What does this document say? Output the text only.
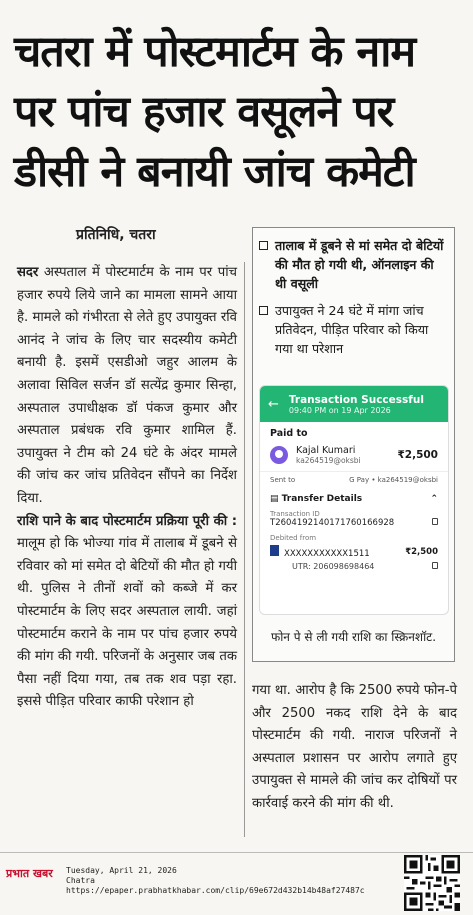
चतरा में पोस्टमार्टम के नाम
पर पांच हजार वसूलने पर
डीसी ने बनायी जांच कमेटी
प्रतिनिधि, चतरा

सदर अस्पताल में पोस्टमार्टम के नाम पर पांच हजार रुपये लिये जाने का मामला सामने आया है. मामले को गंभीरता से लेते हुए उपायुक्त रवि आनंद ने जांच के लिए चार सदस्यीय कमेटी बनायी है. इसमें एसडीओ जहुर आलम के अलावा सिविल सर्जन डॉ सत्येंद्र कुमार सिन्हा, अस्पताल उपाधीक्षक डॉ पंकज कुमार और अस्पताल प्रबंधक रवि कुमार शामिल हैं. उपायुक्त ने टीम को 24 घंटे के अंदर मामले की जांच कर जांच प्रतिवेदन सौंपने का निर्देश दिया.

राशि पाने के बाद पोस्टमार्टम प्रक्रिया पूरी की : मालूम हो कि भोज्या गांव में तालाब में डूबने से रविवार को मां समेत दो बेटियों की मौत हो गयी थी. पुलिस ने तीनों शवों को कब्जे में कर पोस्टमार्टम के लिए सदर अस्पताल लायी. जहां पोस्टमार्टम कराने के नाम पर पांच हजार रुपये की मांग की गयी. परिजनों के अनुसार जब तक पैसा नहीं दिया गया, तब तक शव पड़ा रहा. इससे पीड़ित परिवार काफी परेशान हो

तालाब में डूबने से मां समेत दो बेटियों की मौत हो गयी थी, ऑनलाइन की थी वसूली
उपायुक्त ने 24 घंटे में मांगा जांच प्रतिवेदन, पीड़ित परिवार को किया गया था परेशान
← Transaction Successful
09:40 PM on 19 Apr 2026
Paid to
Kajal Kumari
ka264519@oksbi	₹2,500
Sent to	G Pay • ka264519@oksbi
▤ Transfer Details	⌃
Transaction ID
T2604192140171760166928
Debited from
XXXXXXXXXXX1511	₹2,500
UTR: 206098698464
फोन पे से ली गयी राशि का स्क्रिनशॉट.

गया था. आरोप है कि 2500 रुपये फोन-पे और 2500 नकद राशि देने के बाद पोस्टमार्टम की गयी. नाराज परिजनों ने अस्पताल प्रशासन पर आरोप लगाते हुए उपायुक्त से मामले की जांच कर दोषियों पर कार्रवाई करने की मांग की थी.

प्रभात खबर Tuesday, April 21, 2026
Chatra
https://epaper.prabhatkhabar.com/clip/69e672d432b14b48af27487c
